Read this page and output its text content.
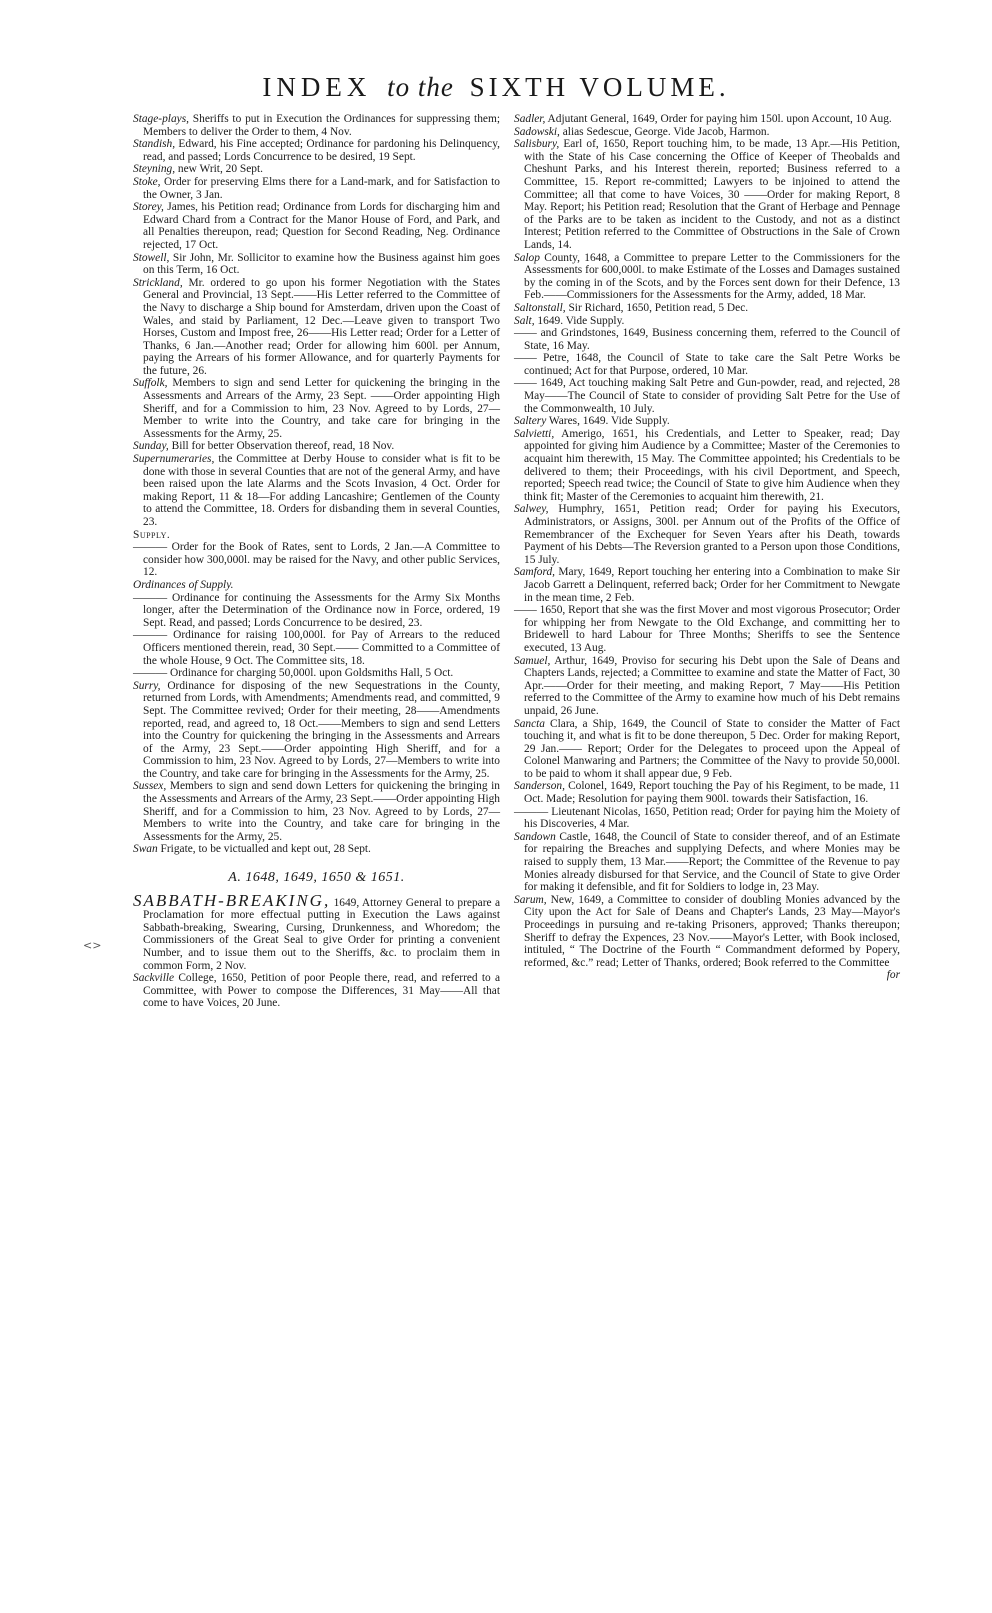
INDEX to the SIXTH VOLUME.
<>

Stage-plays, Sheriffs to put in Execution the Ordinances for suppressing them; Members to deliver the Order to them, 4 Nov.

Standish, Edward, his Fine accepted; Ordinance for pardoning his Delinquency, read, and passed; Lords Concurrence to be desired, 19 Sept.

Steyning, new Writ, 20 Sept.

Stoke, Order for preserving Elms there for a Land-mark, and for Satisfaction to the Owner, 3 Jan.

Storey, James, his Petition read; Ordinance from Lords for discharging him and Edward Chard from a Contract for the Manor House of Ford, and Park, and all Penalties thereupon, read; Question for Second Reading, Neg. Ordinance rejected, 17 Oct.

Stowell, Sir John, Mr. Sollicitor to examine how the Business against him goes on this Term, 16 Oct.

Strickland, Mr. ordered to go upon his former Negotiation with the States General and Provincial, 13 Sept.——His Letter referred to the Committee of the Navy to discharge a Ship bound for Amsterdam, driven upon the Coast of Wales, and staid by Parliament, 12 Dec.—Leave given to transport Two Horses, Custom and Impost free, 26——His Letter read; Order for a Letter of Thanks, 6 Jan.—Another read; Order for allowing him 600l. per Annum, paying the Arrears of his former Allowance, and for quarterly Payments for the future, 26.

Suffolk, Members to sign and send Letter for quickening the bringing in the Assessments and Arrears of the Army, 23 Sept. ——Order appointing High Sheriff, and for a Commission to him, 23 Nov. Agreed to by Lords, 27—Member to write into the Country, and take care for bringing in the Assessments for the Army, 25.

Sunday, Bill for better Observation thereof, read, 18 Nov.

Supernumeraries, the Committee at Derby House to consider what is fit to be done with those in several Counties that are not of the general Army, and have been raised upon the late Alarms and the Scots Invasion, 4 Oct. Order for making Report, 11 & 18—For adding Lancashire; Gentlemen of the County to attend the Committee, 18. Orders for disbanding them in several Counties, 23.

Supply.

——— Order for the Book of Rates, sent to Lords, 2 Jan.—A Committee to consider how 300,000l. may be raised for the Navy, and other public Services, 12.

Ordinances of Supply.

——— Ordinance for continuing the Assessments for the Army Six Months longer, after the Determination of the Ordinance now in Force, ordered, 19 Sept. Read, and passed; Lords Concurrence to be desired, 23.

——— Ordinance for raising 100,000l. for Pay of Arrears to the reduced Officers mentioned therein, read, 30 Sept.—— Committed to a Committee of the whole House, 9 Oct. The Committee sits, 18.

——— Ordinance for charging 50,000l. upon Goldsmiths Hall, 5 Oct.

Surry, Ordinance for disposing of the new Sequestrations in the County, returned from Lords, with Amendments; Amendments read, and committed, 9 Sept. The Committee revived; Order for their meeting, 28——Amendments reported, read, and agreed to, 18 Oct.——Members to sign and send Letters into the Country for quickening the bringing in the Assessments and Arrears of the Army, 23 Sept.——Order appointing High Sheriff, and for a Commission to him, 23 Nov. Agreed to by Lords, 27—Members to write into the Country, and take care for bringing in the Assessments for the Army, 25.

Sussex, Members to sign and send down Letters for quickening the bringing in the Assessments and Arrears of the Army, 23 Sept.——Order appointing High Sheriff, and for a Commission to him, 23 Nov. Agreed to by Lords, 27—Members to write into the Country, and take care for bringing in the Assessments for the Army, 25.

Swan Frigate, to be victualled and kept out, 28 Sept.

A. 1648, 1649, 1650 & 1651.

SABBATH-BREAKING, 1649, Attorney General to prepare a Proclamation for more effectual putting in Execution the Laws against Sabbath-breaking, Swearing, Cursing, Drunkenness, and Whoredom; the Commissioners of the Great Seal to give Order for printing a convenient Number, and to issue them out to the Sheriffs, &c. to proclaim them in common Form, 2 Nov.

Sackville College, 1650, Petition of poor People there, read, and referred to a Committee, with Power to compose the Differences, 31 May——All that come to have Voices, 20 June.

Sadler, Adjutant General, 1649, Order for paying him 150l. upon Account, 10 Aug.

Sadowski, alias Sedescue, George. Vide Jacob, Harmon.

Salisbury, Earl of, 1650, Report touching him, to be made, 13 Apr.—His Petition, with the State of his Case concerning the Office of Keeper of Theobalds and Cheshunt Parks, and his Interest therein, reported; Business referred to a Committee, 15. Report re-committed; Lawyers to be injoined to attend the Committee; all that come to have Voices, 30 ——Order for making Report, 8 May. Report; his Petition read; Resolution that the Grant of Herbage and Pennage of the Parks are to be taken as incident to the Custody, and not as a distinct Interest; Petition referred to the Committee of Obstructions in the Sale of Crown Lands, 14.

Salop County, 1648, a Committee to prepare Letter to the Commissioners for the Assessments for 600,000l. to make Estimate of the Losses and Damages sustained by the coming in of the Scots, and by the Forces sent down for their Defence, 13 Feb.——Commissioners for the Assessments for the Army, added, 18 Mar.

Saltonstall, Sir Richard, 1650, Petition read, 5 Dec.

Salt, 1649. Vide Supply.

—— and Grindstones, 1649, Business concerning them, referred to the Council of State, 16 May.

—— Petre, 1648, the Council of State to take care the Salt Petre Works be continued; Act for that Purpose, ordered, 10 Mar.

—— 1649, Act touching making Salt Petre and Gun-powder, read, and rejected, 28 May——The Council of State to consider of providing Salt Petre for the Use of the Commonwealth, 10 July.

Saltery Wares, 1649. Vide Supply.

Salvietti, Amerigo, 1651, his Credentials, and Letter to Speaker, read; Day appointed for giving him Audience by a Committee; Master of the Ceremonies to acquaint him therewith, 15 May. The Committee appointed; his Credentials to be delivered to them; their Proceedings, with his civil Deportment, and Speech, reported; Speech read twice; the Council of State to give him Audience when they think fit; Master of the Ceremonies to acquaint him therewith, 21.

Salwey, Humphry, 1651, Petition read; Order for paying his Executors, Administrators, or Assigns, 300l. per Annum out of the Profits of the Office of Remembrancer of the Exchequer for Seven Years after his Death, towards Payment of his Debts—The Reversion granted to a Person upon those Conditions, 15 July.

Samford, Mary, 1649, Report touching her entering into a Combination to make Sir Jacob Garrett a Delinquent, referred back; Order for her Commitment to Newgate in the mean time, 2 Feb.

—— 1650, Report that she was the first Mover and most vigorous Prosecutor; Order for whipping her from Newgate to the Old Exchange, and committing her to Bridewell to hard Labour for Three Months; Sheriffs to see the Sentence executed, 13 Aug.

Samuel, Arthur, 1649, Proviso for securing his Debt upon the Sale of Deans and Chapters Lands, rejected; a Committee to examine and state the Matter of Fact, 30 Apr.——Order for their meeting, and making Report, 7 May——His Petition referred to the Committee of the Army to examine how much of his Debt remains unpaid, 26 June.

Sancta Clara, a Ship, 1649, the Council of State to consider the Matter of Fact touching it, and what is fit to be done thereupon, 5 Dec. Order for making Report, 29 Jan.—— Report; Order for the Delegates to proceed upon the Appeal of Colonel Manwaring and Partners; the Committee of the Navy to provide 50,000l. to be paid to whom it shall appear due, 9 Feb.

Sanderson, Colonel, 1649, Report touching the Pay of his Regiment, to be made, 11 Oct. Made; Resolution for paying them 900l. towards their Satisfaction, 16.

——— Lieutenant Nicolas, 1650, Petition read; Order for paying him the Moiety of his Discoveries, 4 Mar.

Sandown Castle, 1648, the Council of State to consider thereof, and of an Estimate for repairing the Breaches and supplying Defects, and where Monies may be raised to supply them, 13 Mar.——Report; the Committee of the Revenue to pay Monies already disbursed for that Service, and the Council of State to give Order for making it defensible, and fit for Soldiers to lodge in, 23 May.

Sarum, New, 1649, a Committee to consider of doubling Monies advanced by the City upon the Act for Sale of Deans and Chapter's Lands, 23 May—Mayor's Proceedings in pursuing and re-taking Prisoners, approved; Thanks thereupon; Sheriff to defray the Expences, 23 Nov.——Mayor's Letter, with Book inclosed, intituled, “ The Doctrine of the Fourth “ Commandment deformed by Popery, reformed, &c.” read; Letter of Thanks, ordered; Book referred to the Committee

for
